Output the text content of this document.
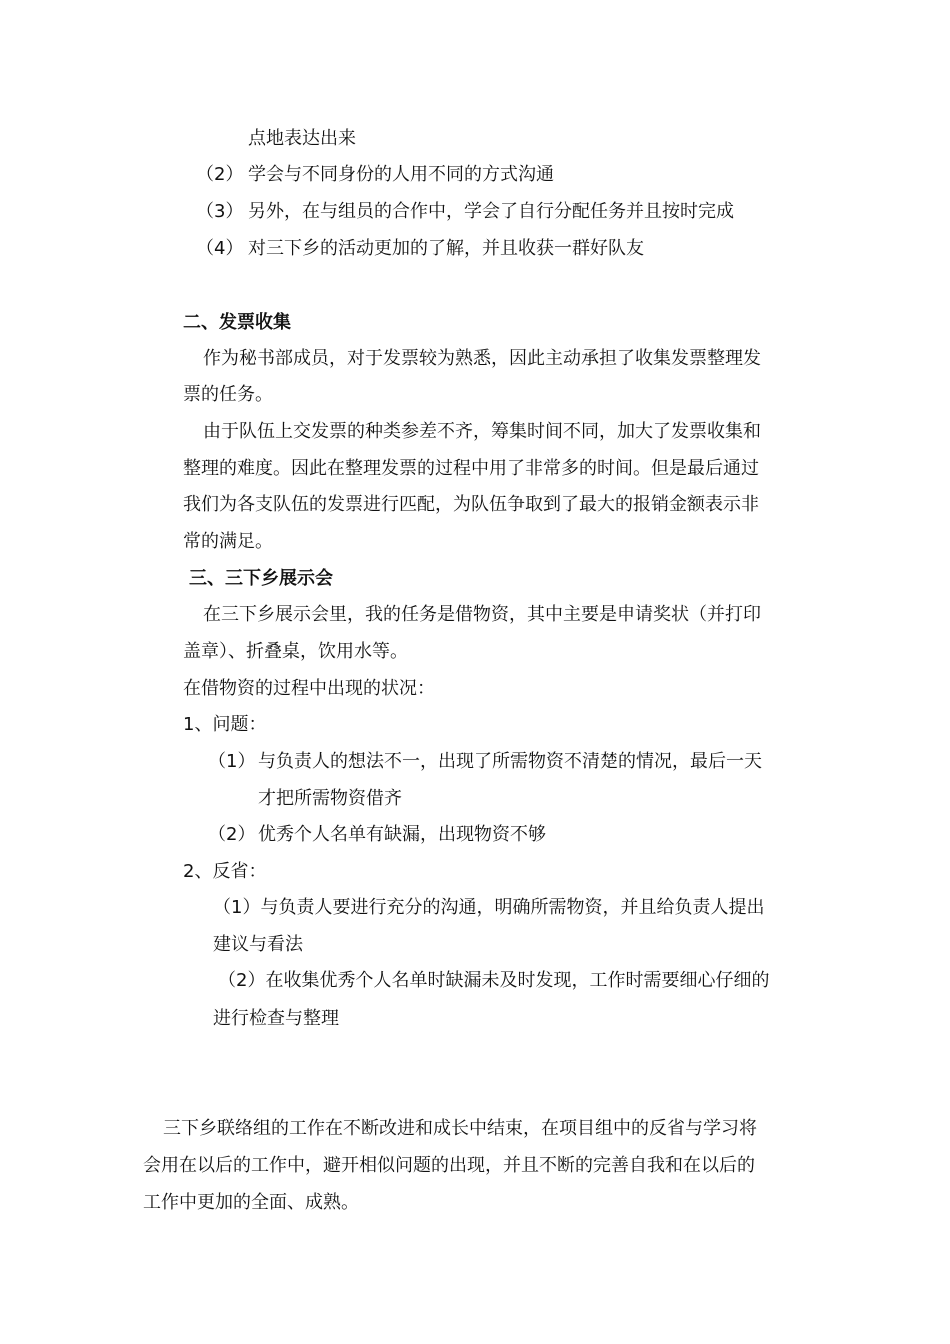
点地表达出来
（2） 学会与不同身份的人用不同的方式沟通
（3） 另外，在与组员的合作中，学会了自行分配任务并且按时完成
（4） 对三下乡的活动更加的了解，并且收获一群好队友
二、发票收集
作为秘书部成员，对于发票较为熟悉，因此主动承担了收集发票整理发
票的任务。
由于队伍上交发票的种类参差不齐，筹集时间不同，加大了发票收集和
整理的难度。因此在整理发票的过程中用了非常多的时间。但是最后通过
我们为各支队伍的发票进行匹配，为队伍争取到了最大的报销金额表示非
常的满足。
三、三下乡展示会
在三下乡展示会里，我的任务是借物资，其中主要是申请奖状（并打印
盖章）、折叠桌，饮用水等。
在借物资的过程中出现的状况：
1、问题：
（1） 与负责人的想法不一，出现了所需物资不清楚的情况，最后一天
才把所需物资借齐
（2） 优秀个人名单有缺漏，出现物资不够
2、反省：
（1）与负责人要进行充分的沟通，明确所需物资，并且给负责人提出
建议与看法
（2）在收集优秀个人名单时缺漏未及时发现，工作时需要细心仔细的
进行检查与整理
三下乡联络组的工作在不断改进和成长中结束，在项目组中的反省与学习将
会用在以后的工作中，避开相似问题的出现，并且不断的完善自我和在以后的
工作中更加的全面、成熟。
